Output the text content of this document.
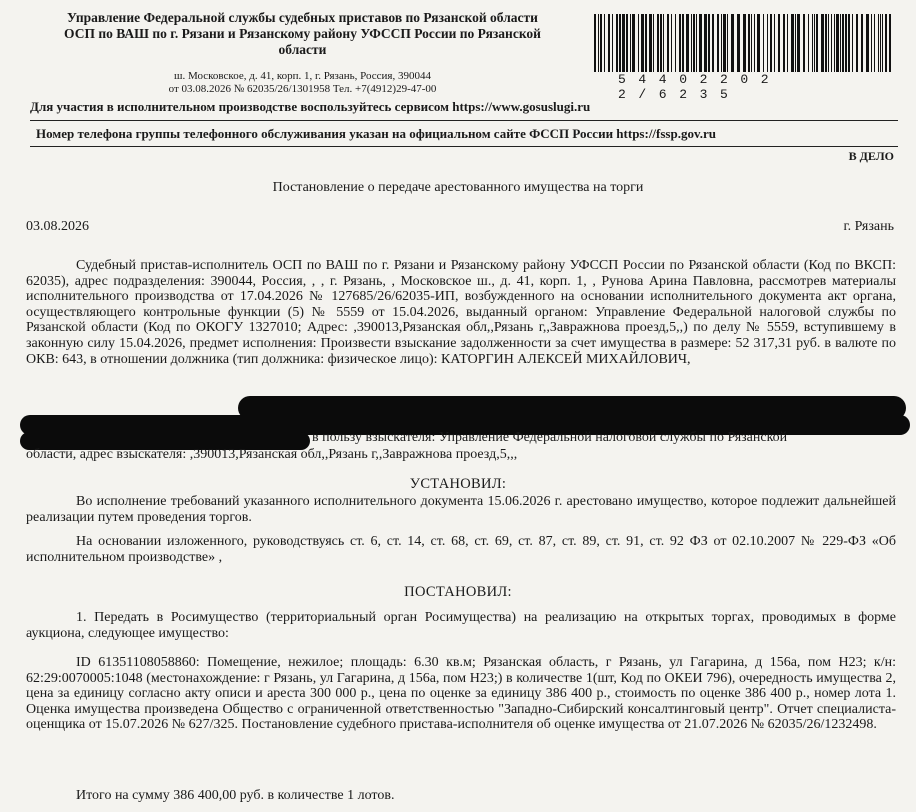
Управление Федеральной службы судебных приставов по Рязанской области
ОСП по ВАШ по г. Рязани и Рязанскому району УФССП России по Рязанской
области
ш. Московское, д. 41, корп. 1, г. Рязань, Россия, 390044
от 03.08.2026 № 62035/26/1301958 Тел. +7(4912)29-47-00
54402202 2/6235
Для участия в исполнительном производстве воспользуйтесь сервисом https://www.gosuslugi.ru
Номер телефона группы телефонного обслуживания указан на официальном сайте ФССП России https://fssp.gov.ru
В ДЕЛО
Постановление о передаче арестованного имущества на торги
03.08.2026	г. Рязань
Судебный пристав-исполнитель ОСП по ВАШ по г. Рязани и Рязанскому району УФССП России по Рязанской области (Код по ВКСП: 62035), адрес подразделения: 390044, Россия, , , г. Рязань, , Московское ш., д. 41, корп. 1, , Рунова Арина Павловна, рассмотрев материалы исполнительного производства от 17.04.2026 № 127685/26/62035-ИП, возбужденного на основании исполнительного документа акт органа, осуществляющего контрольные функции (5) № 5559 от 15.04.2026, выданный органом: Управление Федеральной налоговой службы по Рязанской области (Код по ОКОГУ 1327010; Адрес: ,390013,Рязанская обл,,Рязань г,,Завражнова проезд,5,,) по делу № 5559, вступившему в законную силу 15.04.2026, предмет исполнения: Произвести взыскание задолженности за счет имущества в размере: 52 317,31 руб. в валюте по ОКВ: 643, в отношении должника (тип должника: физическое лицо): КАТОРГИН АЛЕКСЕЙ МИХАЙЛОВИЧ,
в пользу взыскателя: Управление Федеральной налоговой службы по Рязанской
области, адрес взыскателя: ,390013,Рязанская обл,,Рязань г,,Завражнова проезд,5,,,
УСТАНОВИЛ:
Во исполнение требований указанного исполнительного документа 15.06.2026 г. арестовано имущество, которое подлежит дальнейшей реализации путем проведения торгов.
На основании изложенного, руководствуясь ст. 6, ст. 14, ст. 68, ст. 69, ст. 87, ст. 89, ст. 91, ст. 92 ФЗ от 02.10.2007 № 229-ФЗ «Об исполнительном производстве» ,
ПОСТАНОВИЛ:
1. Передать в Росимущество (территориальный орган Росимущества) на реализацию на открытых торгах, проводимых в форме аукциона, следующее имущество:
ID 61351108058860: Помещение, нежилое; площадь: 6.30 кв.м; Рязанская область, г Рязань, ул Гагарина, д 156а, пом Н23; к/н: 62:29:0070005:1048 (местонахождение: г Рязань, ул Гагарина, д 156а, пом Н23;) в количестве 1(шт, Код по ОКЕИ 796), очередность имущества 2, цена за единицу согласно акту описи и ареста 300 000 р., цена по оценке за единицу 386 400 р., стоимость по оценке 386 400 р., номер лота 1. Оценка имущества произведена Общество с ограниченной ответственностью "Западно-Сибирский консалтинговый центр". Отчет специалиста-оценщика от 15.07.2026 № 627/325. Постановление судебного пристава-исполнителя об оценке имущества от 21.07.2026 № 62035/26/1232498.
Итого на сумму 386 400,00 руб. в количестве 1 лотов.
